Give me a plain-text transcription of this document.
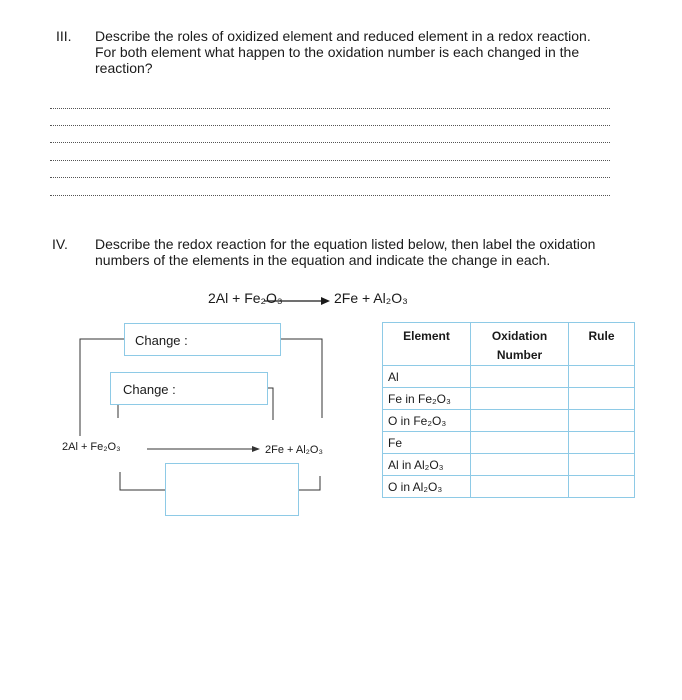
III. Describe the roles of oxidized element and reduced element in a redox reaction.
For both element what happen to the oxidation number is each changed in the
reaction?
IV. Describe the redox reaction for the equation listed below, then label the oxidation
numbers of the elements in the equation and indicate the change in each.
2Al + Fe₂O₃	2Fe + Al₂O₃
Change :
Change :
2Al + Fe₂O₃	2Fe + Al₂O₃
Element	Oxidation Number	Rule
Al		
Fe in Fe₂O₃		
O in Fe₂O₃		
Fe		
Al in Al₂O₃		
O in Al₂O₃		
